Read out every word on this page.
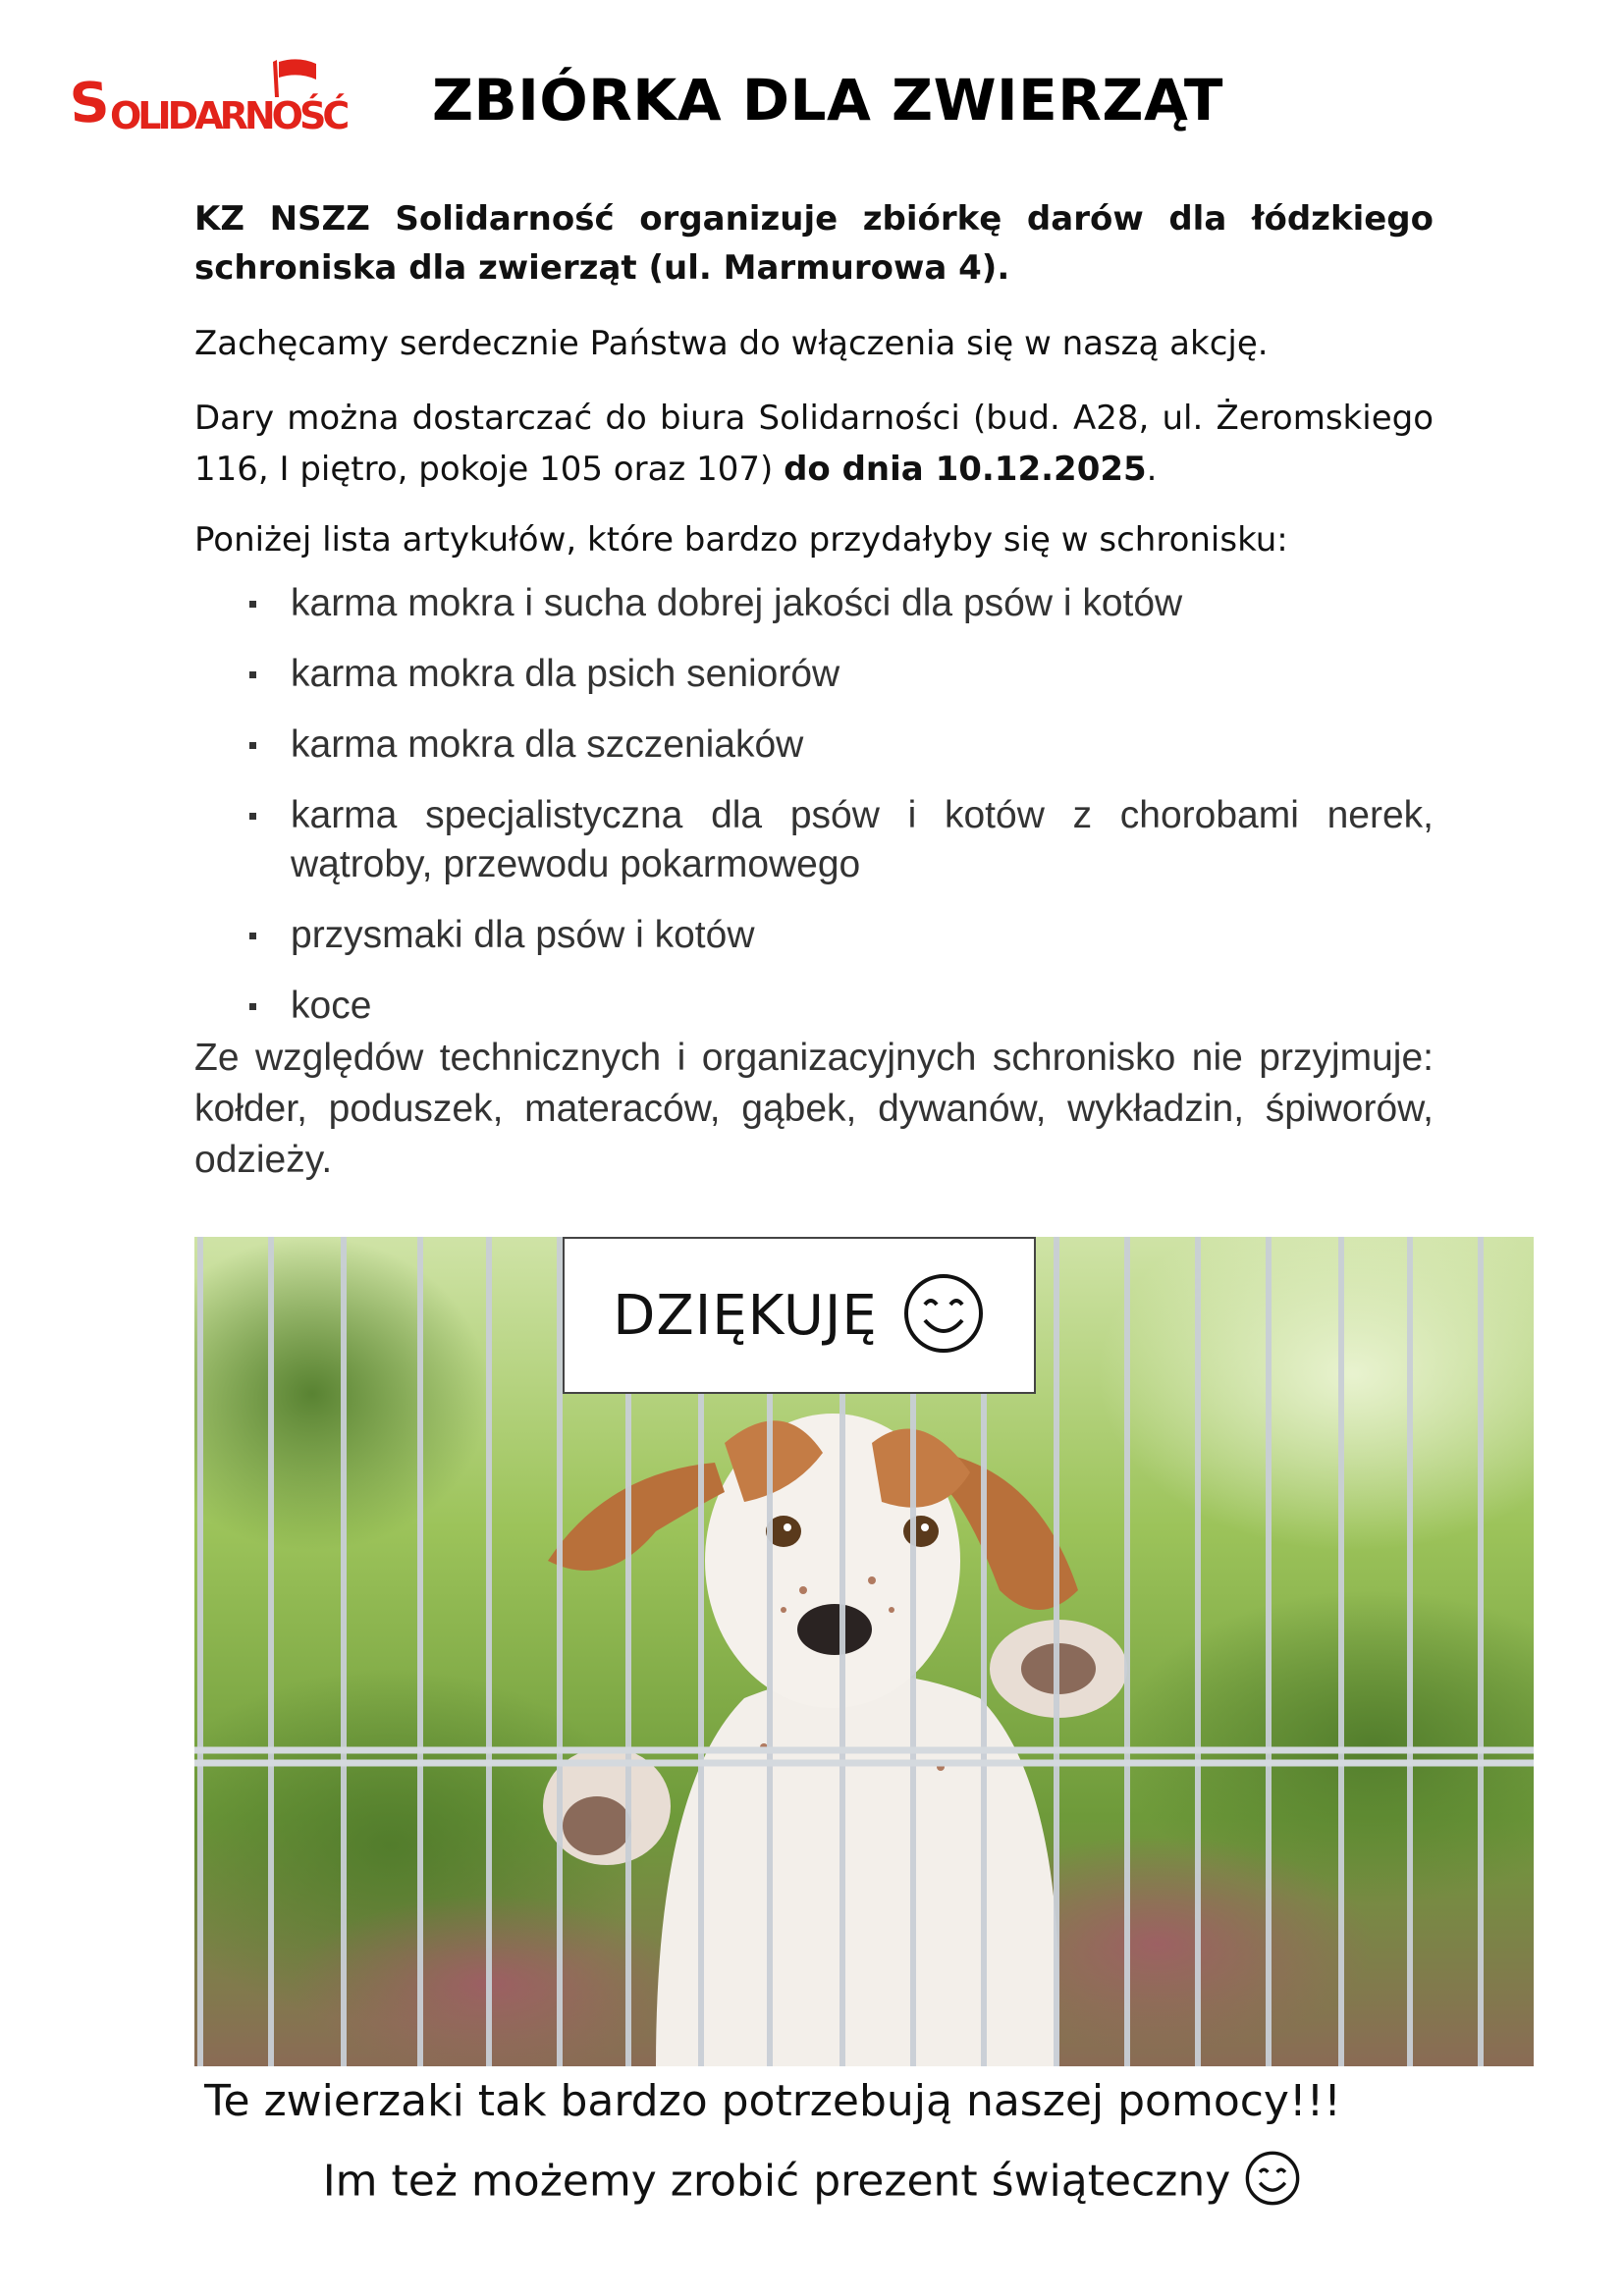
S
OLIDARNOŚĆ ZBIÓRKA DLA ZWIERZĄT
KZ NSZZ Solidarność organizuje zbiórkę darów dla łódzkiego schroniska dla zwierząt (ul. Marmurowa 4).
Zachęcamy serdecznie Państwa do włączenia się w naszą akcję.
Dary można dostarczać do biura Solidarności (bud. A28, ul. Żeromskiego 116, I piętro, pokoje 105 oraz 107) do dnia 10.12.2025.
Poniżej lista artykułów, które bardzo przydałyby się w schronisku:
karma mokra i sucha dobrej jakości dla psów i kotów
karma mokra dla psich seniorów
karma mokra dla szczeniaków
karma specjalistyczna dla psów i kotów z chorobami nerek, wątroby, przewodu pokarmowego
przysmaki dla psów i kotów
koce
Ze względów technicznych i organizacyjnych schronisko nie przyjmuje: kołder, poduszek, materaców, gąbek, dywanów, wykładzin, śpiworów, odzieży.
DZIĘKUJĘ
Te zwierzaki tak bardzo potrzebują naszej pomocy!!!
Im też możemy zrobić prezent świąteczny
